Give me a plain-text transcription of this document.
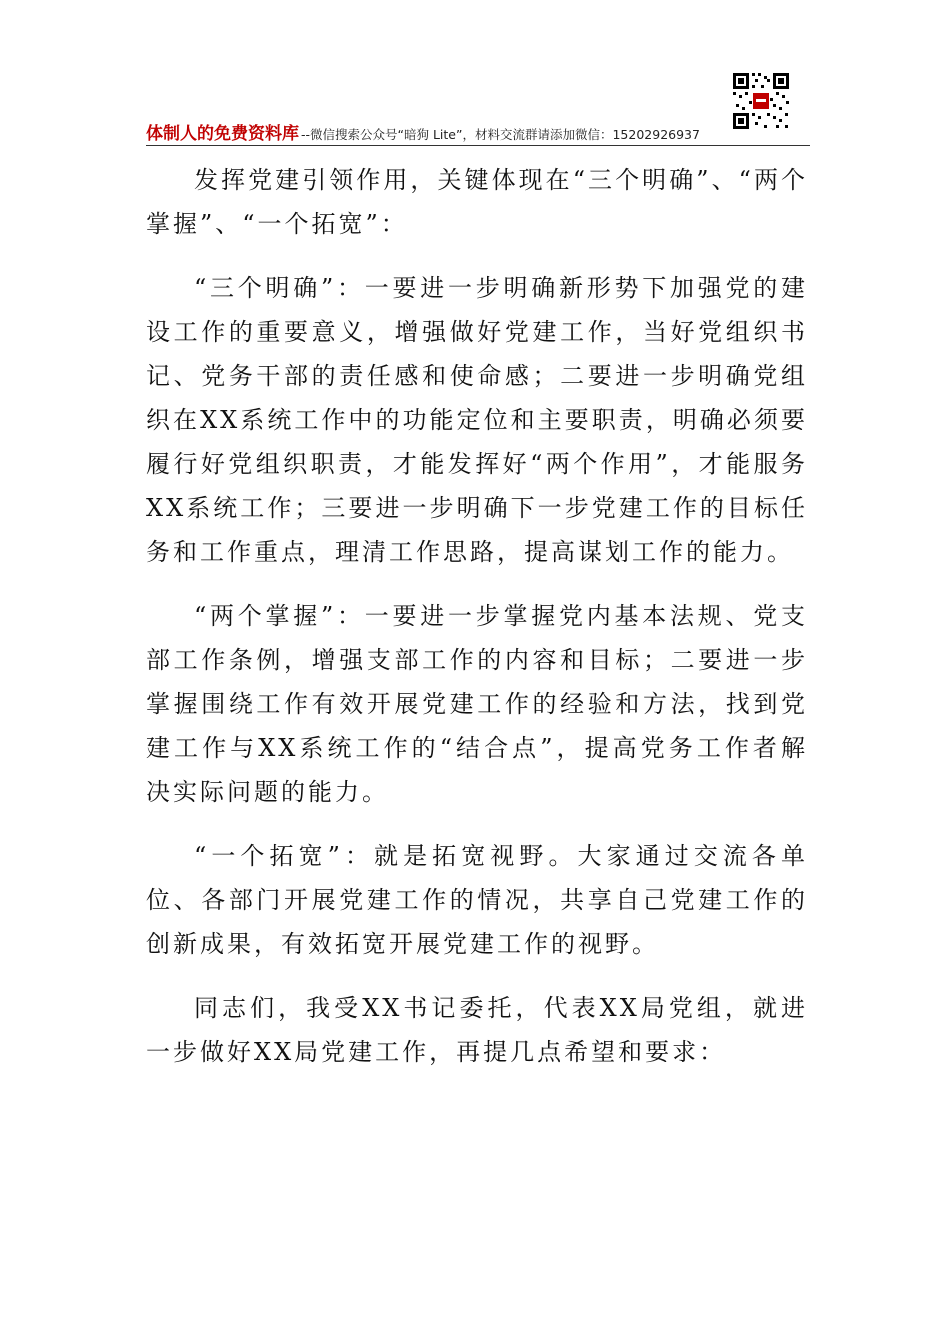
体制人的免费资料库 --微信搜索公众号“暗狗 Lite”，材料交流群请添加微信：15202926937

发挥党建引领作用，关键体现在“三个明确”、“两个掌握”、“一个拓宽”：

“三个明确”：一要进一步明确新形势下加强党的建设工作的重要意义，增强做好党建工作，当好党组织书记、党务干部的责任感和使命感；二要进一步明确党组织在XX系统工作中的功能定位和主要职责，明确必须要履行好党组织职责，才能发挥好“两个作用”，才能服务XX系统工作；三要进一步明确下一步党建工作的目标任务和工作重点，理清工作思路，提高谋划工作的能力。

“两个掌握”：一要进一步掌握党内基本法规、党支部工作条例，增强支部工作的内容和目标；二要进一步掌握围绕工作有效开展党建工作的经验和方法，找到党建工作与XX系统工作的“结合点”，提高党务工作者解决实际问题的能力。

“一个拓宽”：就是拓宽视野。大家通过交流各单位、各部门开展党建工作的情况，共享自己党建工作的创新成果，有效拓宽开展党建工作的视野。

同志们，我受XX书记委托，代表XX局党组，就进一步做好XX局党建工作，再提几点希望和要求：
